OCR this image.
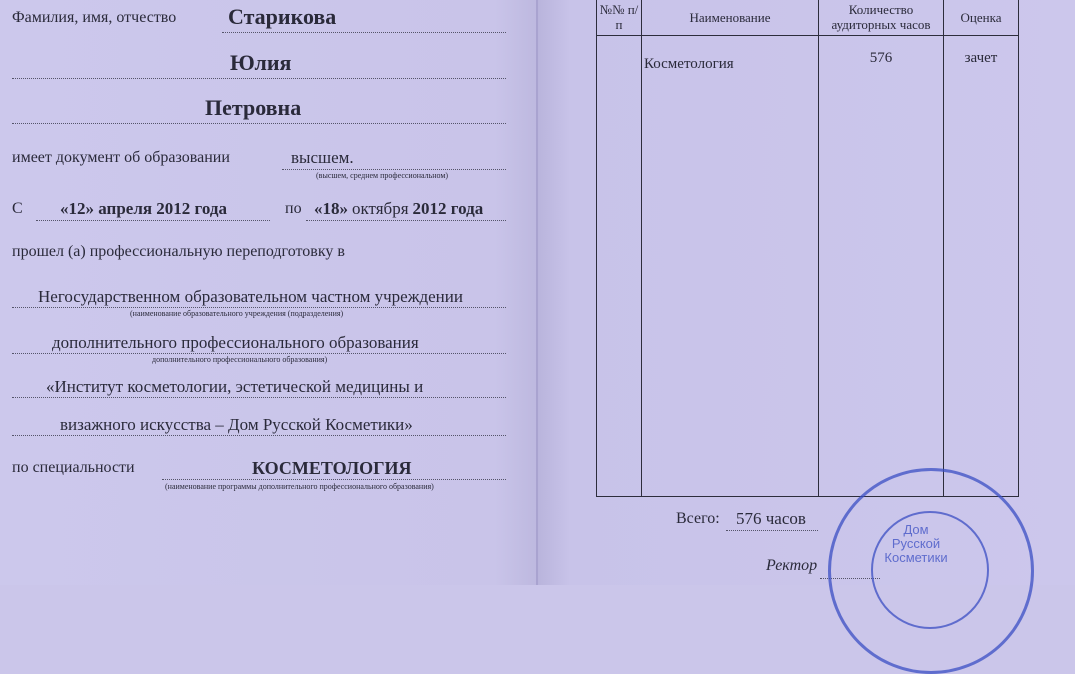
Фамилия, имя, отчество Старикова
Юлия
Петровна
имеет документ об образовании	высшем.
(высшем, среднем профессиональном)
С «12» апреля 2012 года	по «18» октября 2012 года
прошел (а) профессиональную переподготовку в
Негосударственном образовательном частном учреждении
(наименование образовательного учреждения (подразделения)
дополнительного профессионального образования
дополнительного профессионального образования)
«Институт косметологии, эстетической медицины и
визажного искусства – Дом Русской Косметики»
по специальности	КОСМЕТОЛОГИЯ
(наименование программы дополнительного профессионального образования)
№№ п/п	Наименование	Количество аудиторных часов	Оценка
	Косметология	576	зачет
Всего: 576 часов
Ректор
Дом Русской Косметики
